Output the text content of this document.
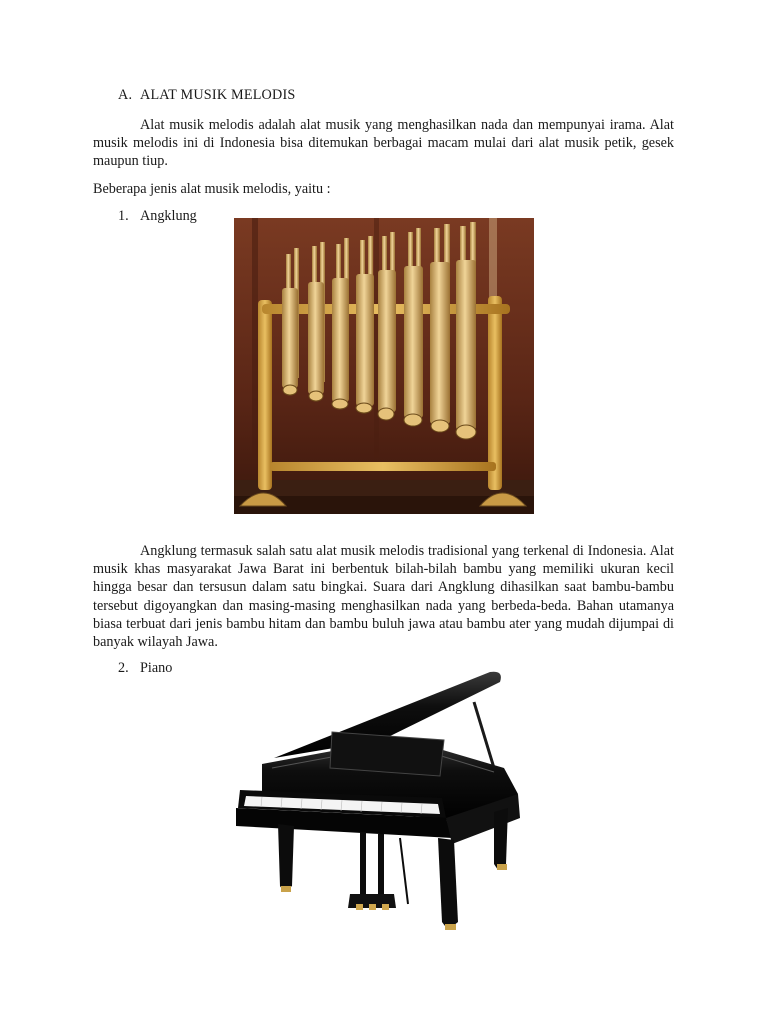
A. ALAT MUSIK MELODIS

Alat musik melodis adalah alat musik yang menghasilkan nada dan mempunyai irama. Alat musik melodis ini di Indonesia bisa ditemukan berbagai macam mulai dari alat musik petik, gesek maupun tiup.

Beberapa jenis alat musik melodis, yaitu :

1. Angklung

Angklung termasuk salah satu alat musik melodis tradisional yang terkenal di Indonesia. Alat musik khas masyarakat Jawa Barat ini berbentuk bilah-bilah bambu yang memiliki ukuran kecil hingga besar dan tersusun dalam satu bingkai. Suara dari Angklung dihasilkan saat bambu-bambu tersebut digoyangkan dan masing-masing menghasilkan nada yang berbeda-beda. Bahan utamanya biasa terbuat dari jenis bambu hitam dan bambu buluh jawa atau bambu ater yang mudah dijumpai di banyak wilayah Jawa.

2. Piano
